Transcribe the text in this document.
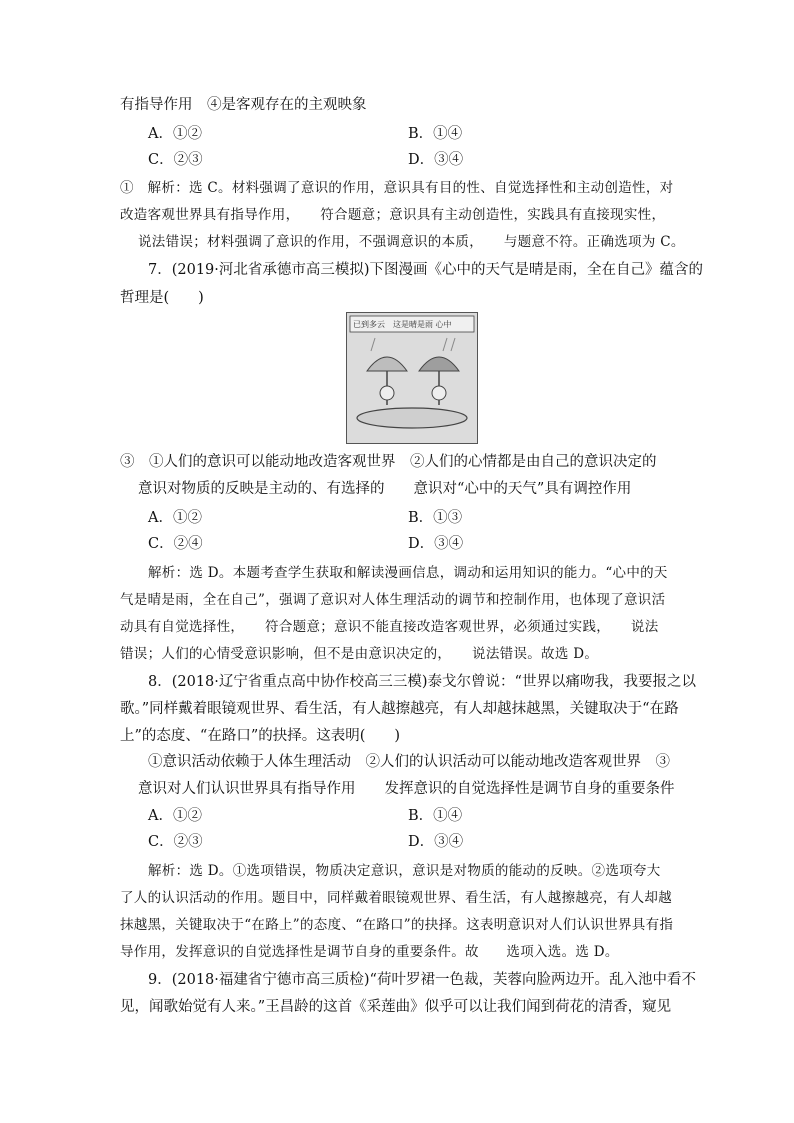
有指导作用　④是客观存在的主观映象
A．①②	B．①④
C．②③	D．③④
①　解析：选 C。材料强调了意识的作用，意识具有目的性、自觉选择性和主动创造性，对
改造客观世界具有指导作用，　　符合题意；意识具有主动创造性，实践具有直接现实性，
说法错误；材料强调了意识的作用，不强调意识的本质，　　与题意不符。正确选项为 C。
7．(2019·河北省承德市高三模拟)下图漫画《心中的天气是晴是雨，全在自己》蕴含的
哲理是(　　)
已到多云　这是晴是雨 心中
③　①人们的意识可以能动地改造客观世界　②人们的心情都是由自己的意识决定的
意识对物质的反映是主动的、有选择的　　意识对“心中的天气”具有调控作用
A．①②	B．①③
C．②④	D．③④
解析：选 D。本题考查学生获取和解读漫画信息，调动和运用知识的能力。“心中的天
气是晴是雨，全在自己”，强调了意识对人体生理活动的调节和控制作用，也体现了意识活
动具有自觉选择性，　　符合题意；意识不能直接改造客观世界，必须通过实践，　　说法
错误；人们的心情受意识影响，但不是由意识决定的，　　说法错误。故选 D。
8．(2018·辽宁省重点高中协作校高三三模)泰戈尔曾说：“世界以痛吻我，我要报之以
歌。”同样戴着眼镜观世界、看生活，有人越擦越亮，有人却越抹越黑，关键取决于“在路
上”的态度、“在路口”的抉择。这表明(　　)
①意识活动依赖于人体生理活动　②人们的认识活动可以能动地改造客观世界　③
意识对人们认识世界具有指导作用　　发挥意识的自觉选择性是调节自身的重要条件
A．①②	B．①④
C．②③	D．③④
解析：选 D。①选项错误，物质决定意识，意识是对物质的能动的反映。②选项夸大
了人的认识活动的作用。题目中，同样戴着眼镜观世界、看生活，有人越擦越亮，有人却越
抹越黑，关键取决于“在路上”的态度、“在路口”的抉择。这表明意识对人们认识世界具有指
导作用，发挥意识的自觉选择性是调节自身的重要条件。故　　选项入选。选 D。
9．(2018·福建省宁德市高三质检)“荷叶罗裙一色裁，芙蓉向脸两边开。乱入池中看不
见，闻歌始觉有人来。”王昌龄的这首《采莲曲》似乎可以让我们闻到荷花的清香，窥见
